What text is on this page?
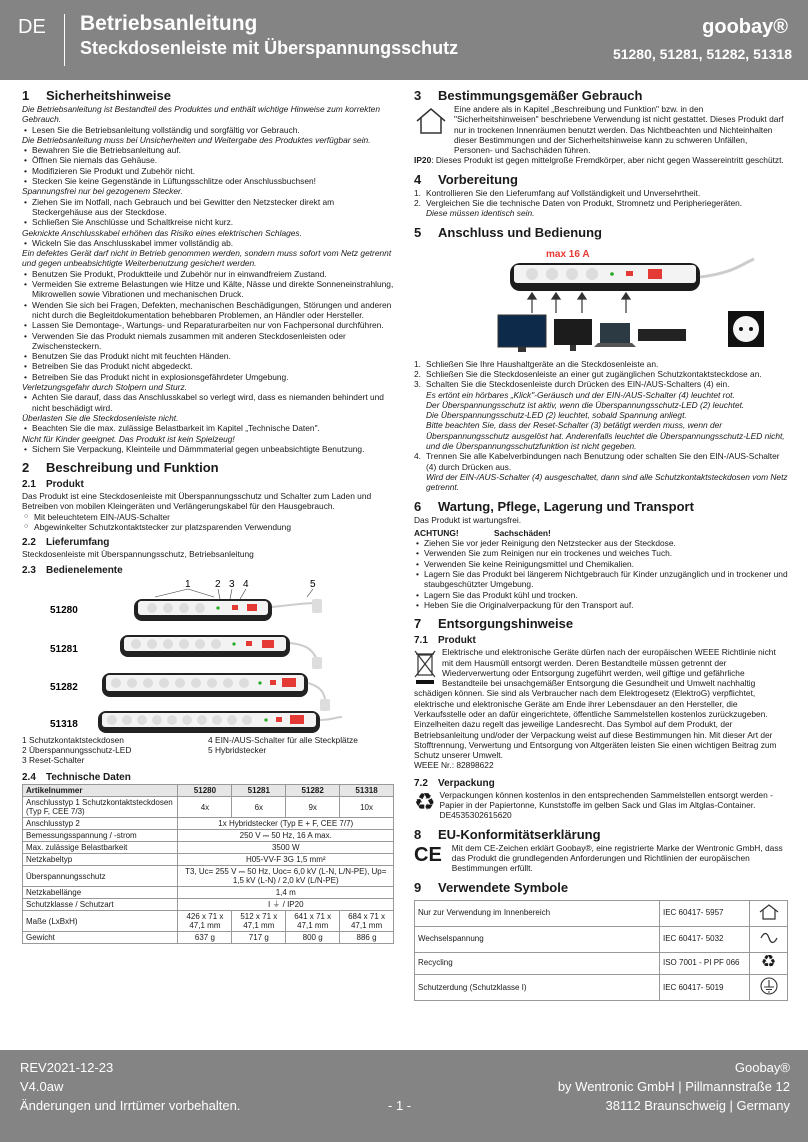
DE Betriebsanleitung
Steckdosenleiste mit Überspannungsschutz
goobay®
51280, 51281, 51282, 51318
1	Sicherheitshinweise
Die Betriebsanleitung ist Bestandteil des Produktes und enthält wichtige Hinweise zum korrekten Gebrauch.
• Lesen Sie die Betriebsanleitung vollständig und sorgfältig vor Gebrauch.
Die Betriebsanleitung muss bei Unsicherheiten und Weitergabe des Produktes verfügbar sein.
• Bewahren Sie die Betriebsanleitung auf.
• Öffnen Sie niemals das Gehäuse.
• Modifizieren Sie Produkt und Zubehör nicht.
• Stecken Sie keine Gegenstände in Lüftungsschlitze oder Anschlussbuchsen!
Spannungsfrei nur bei gezogenem Stecker.
• Ziehen Sie im Notfall, nach Gebrauch und bei Gewitter den Netzstecker direkt am Steckergehäuse aus der Steckdose.
• Schließen Sie Anschlüsse und Schaltkreise nicht kurz.
Geknickte Anschlusskabel erhöhen das Risiko eines elektrischen Schlages.
• Wickeln Sie das Anschlusskabel immer vollständig ab.
Ein defektes Gerät darf nicht in Betrieb genommen werden, sondern muss sofort vom Netz getrennt und gegen unbeabsichtigte Weiterbenutzung gesichert werden.
• Benutzen Sie Produkt, Produktteile und Zubehör nur in einwandfreiem Zustand.
• Vermeiden Sie extreme Belastungen wie Hitze und Kälte, Nässe und direkte Sonneneinstrahlung, Mikrowellen sowie Vibrationen und mechanischen Druck.
• Wenden Sie sich bei Fragen, Defekten, mechanischen Beschädigungen, Störungen und anderen nicht durch die Begleitdokumentation behebbaren Problemen, an Händler oder Hersteller.
• Lassen Sie Demontage-, Wartungs- und Reparaturarbeiten nur von Fachpersonal durchführen.
• Verwenden Sie das Produkt niemals zusammen mit anderen Steckdosenleisten oder Zwischensteckern.
• Benutzen Sie das Produkt nicht mit feuchten Händen.
• Betreiben Sie das Produkt nicht abgedeckt.
• Betreiben Sie das Produkt nicht in explosionsgefährdeter Umgebung.
Verletzungsgefahr durch Stolpern und Sturz.
• Achten Sie darauf, dass das Anschlusskabel so verlegt wird, dass es niemanden behindert und nicht beschädigt wird.
Überlasten Sie die Steckdosenleiste nicht.
• Beachten Sie die max. zulässige Belastbarkeit im Kapitel „Technische Daten".
Nicht für Kinder geeignet. Das Produkt ist kein Spielzeug!
• Sichern Sie Verpackung, Kleinteile und Dämmmaterial gegen unbeabsichtigte Benutzung.
2	Beschreibung und Funktion
2.1	Produkt
Das Produkt ist eine Steckdosenleiste mit Überspannungsschutz und Schalter zum Laden und Betreiben von mobilen Kleingeräten und Verlängerungskabel für den Hausgebrauch.
○ Mit beleuchtetem EIN-/AUS-Schalter
○ Abgewinkelter Schutzkontaktstecker zur platzsparenden Verwendung
2.2	Lieferumfang
Steckdosenleiste mit Überspannungsschutz, Betriebsanleitung
2.3	Bedienelemente
1 2 3 4	5
51280
51281
51282
51318
1 Schutzkontaktsteckdosen
2 Überspannungsschutz-LED
3 Reset-Schalter
4 EIN-/AUS-Schalter für alle Steckplätze
5 Hybridstecker
2.4	Technische Daten
Artikelnummer	51280	51281	51282	51318
Anschlusstyp 1 Schutzkontaktsteckdosen (Typ F, CEE 7/3)	4x	6x	9x	10x
Anschlusstyp 2	1x Hybridstecker (Typ E + F, CEE 7/7)			
Bemessungsspannung / -strom	250 V ⎓ 50 Hz, 16 A max.			
Max. zulässige Belastbarkeit	3500 W			
Netzkabeltyp	H05-VV-F 3G 1,5 mm²			
Überspannungsschutz	T3, Uc= 255 V ⎓ 50 Hz, Uoc= 6,0 kV (L-N, L/N-PE), Up= 1,5 kV (L-N) / 2,0 kV (L/N-PE)			
Netzkabellänge	1,4 m			
Schutzklasse / Schutzart	I ⏚ / IP20			
Maße (LxBxH)	426 x 71 x 47,1 mm	512 x 71 x 47,1 mm	641 x 71 x 47,1 mm	684 x 71 x 47,1 mm
Gewicht	637 g	717 g	800 g	886 g
3	Bestimmungsgemäßer Gebrauch
Eine andere als in Kapitel „Beschreibung und Funktion" bzw. in den "Sicherheitshinweisen" beschriebene Verwendung ist nicht gestattet. Dieses Produkt darf nur in trockenen Innenräumen benutzt werden. Das Nichtbeachten und Nichteinhalten dieser Bestimmungen und der Sicherheitshinweise kann zu schweren Unfällen, Personen- und Sachschäden führen.
IP20: Dieses Produkt ist gegen mittelgroße Fremdkörper, aber nicht gegen Wassereintritt geschützt.
4	Vorbereitung
1. Kontrollieren Sie den Lieferumfang auf Vollständigkeit und Unversehrtheit.
2. Vergleichen Sie die technische Daten von Produkt, Stromnetz und Peripheriegeräten.
Diese müssen identisch sein.
5	Anschluss und Bedienung
max 16 A
1. Schließen Sie Ihre Haushaltgeräte an die Steckdosenleiste an.
2. Schließen Sie die Steckdosenleiste an einer gut zugänglichen Schutzkontaktsteckdose an.
3. Schalten Sie die Steckdosenleiste durch Drücken des EIN-/AUS-Schalters (4) ein.
Es ertönt ein hörbares „Klick"-Geräusch und der EIN-/AUS-Schalter (4) leuchtet rot.
Der Überspannungsschutz ist aktiv, wenn die Überspannungsschutz-LED (2) leuchtet.
Die Überspannungsschutz-LED (2) leuchtet, sobald Spannung anliegt.
Bitte beachten Sie, dass der Reset-Schalter (3) betätigt werden muss, wenn der Überspannungsschutz ausgelöst hat. Anderenfalls leuchtet die Überspannungsschutz-LED nicht, und die Überspannungsschutzfunktion ist nicht gegeben.
4. Trennen Sie alle Kabelverbindungen nach Benutzung oder schalten Sie den EIN-/AUS-Schalter (4) durch Drücken aus.
Wird der EIN-/AUS-Schalter (4) ausgeschaltet, dann sind alle Schutzkontaktsteckdosen vom Netz getrennt.
6	Wartung, Pflege, Lagerung und Transport
Das Produkt ist wartungsfrei.
ACHTUNG!	Sachschäden!
• Ziehen Sie vor jeder Reinigung den Netzstecker aus der Steckdose.
• Verwenden Sie zum Reinigen nur ein trockenes und weiches Tuch.
• Verwenden Sie keine Reinigungsmittel und Chemikalien.
• Lagern Sie das Produkt bei längerem Nichtgebrauch für Kinder unzugänglich und in trockener und staubgeschützter Umgebung.
• Lagern Sie das Produkt kühl und trocken.
• Heben Sie die Originalverpackung für den Transport auf.
7	Entsorgungshinweise
7.1	Produkt
Elektrische und elektronische Geräte dürfen nach der europäischen WEEE Richtlinie nicht mit dem Hausmüll entsorgt werden. Deren Bestandteile müssen getrennt der Wiederverwertung oder Entsorgung zugeführt werden, weil giftige und gefährliche Bestandteile bei unsachgemäßer Entsorgung die Gesundheit und Umwelt nachhaltig schädigen können. Sie sind als Verbraucher nach dem Elektrogesetz (ElektroG) verpflichtet, elektrische und elektronische Geräte am Ende ihrer Lebensdauer an den Hersteller, die Verkaufsstelle oder an dafür eingerichtete, öffentliche Sammelstellen kostenlos zurückzugeben. Einzelheiten dazu regelt das jeweilige Landesrecht. Das Symbol auf dem Produkt, der Betriebsanleitung und/oder der Verpackung weist auf diese Bestimmungen hin. Mit dieser Art der Stofftrennung, Verwertung und Entsorgung von Altgeräten leisten Sie einen wichtigen Beitrag zum Schutz unserer Umwelt.
WEEE Nr.: 82898622
7.2	Verpackung
♻ Verpackungen können kostenlos in den entsprechenden Sammelstellen entsorgt werden - Papier in der Papiertonne, Kunststoffe im gelben Sack und Glas im Altglas-Container.
DE4535302615620
8	EU-Konformitätserklärung
CE Mit dem CE-Zeichen erklärt Goobay®, eine registrierte Marke der Wentronic GmbH, dass das Produkt die grundlegenden Anforderungen und Richtlinien der europäischen Bestimmungen erfüllt.
9	Verwendete Symbole
Nur zur Verwendung im Innenbereich	IEC 60417- 5957	
Wechselspannung	IEC 60417- 5032	
Recycling	ISO 7001 - PI PF 066	♻
Schutzerdung (Schutzklasse I)	IEC 60417- 5019	
REV2021-12-23
V4.0aw
Änderungen und Irrtümer vorbehalten.	- 1 -
Goobay®
by Wentronic GmbH | Pillmannstraße 12
38112 Braunschweig | Germany
